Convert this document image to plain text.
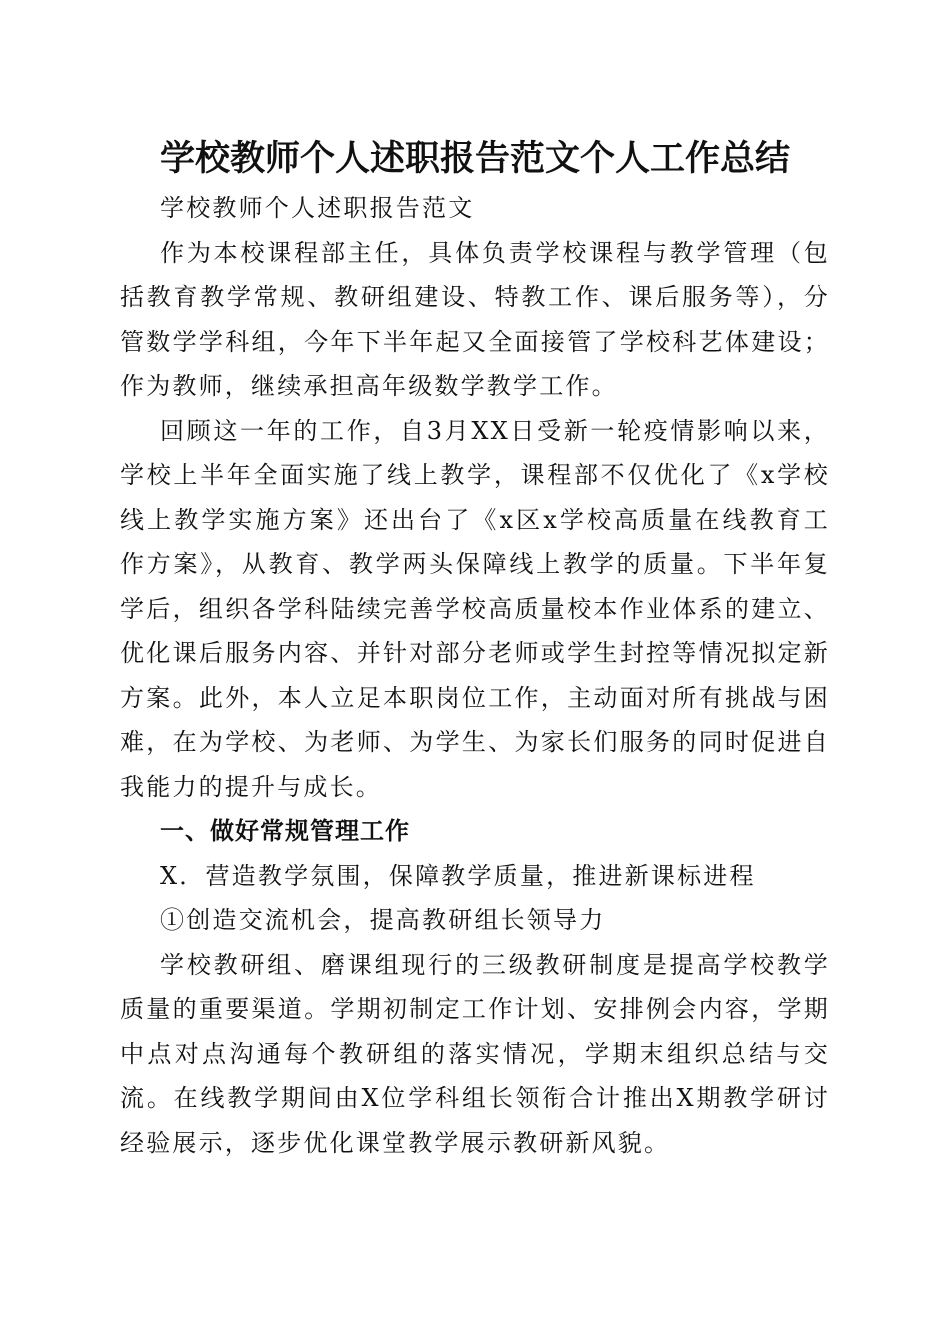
学校教师个人述职报告范文个人工作总结

学校教师个人述职报告范文

作为本校课程部主任，具体负责学校课程与教学管理（包括教育教学常规、教研组建设、特教工作、课后服务等），分管数学学科组，今年下半年起又全面接管了学校科艺体建设；作为教师，继续承担高年级数学教学工作。

回顾这一年的工作，自3月XX日受新一轮疫情影响以来，学校上半年全面实施了线上教学，课程部不仅优化了《x学校线上教学实施方案》还出台了《x区x学校高质量在线教育工作方案》，从教育、教学两头保障线上教学的质量。下半年复学后，组织各学科陆续完善学校高质量校本作业体系的建立、优化课后服务内容、并针对部分老师或学生封控等情况拟定新方案。此外，本人立足本职岗位工作，主动面对所有挑战与困难，在为学校、为老师、为学生、为家长们服务的同时促进自我能力的提升与成长。

一、做好常规管理工作

X．营造教学氛围，保障教学质量，推进新课标进程

①创造交流机会，提高教研组长领导力

学校教研组、磨课组现行的三级教研制度是提高学校教学质量的重要渠道。学期初制定工作计划、安排例会内容，学期中点对点沟通每个教研组的落实情况，学期末组织总结与交流。在线教学期间由X位学科组长领衔合计推出X期教学研讨经验展示，逐步优化课堂教学展示教研新风貌。
